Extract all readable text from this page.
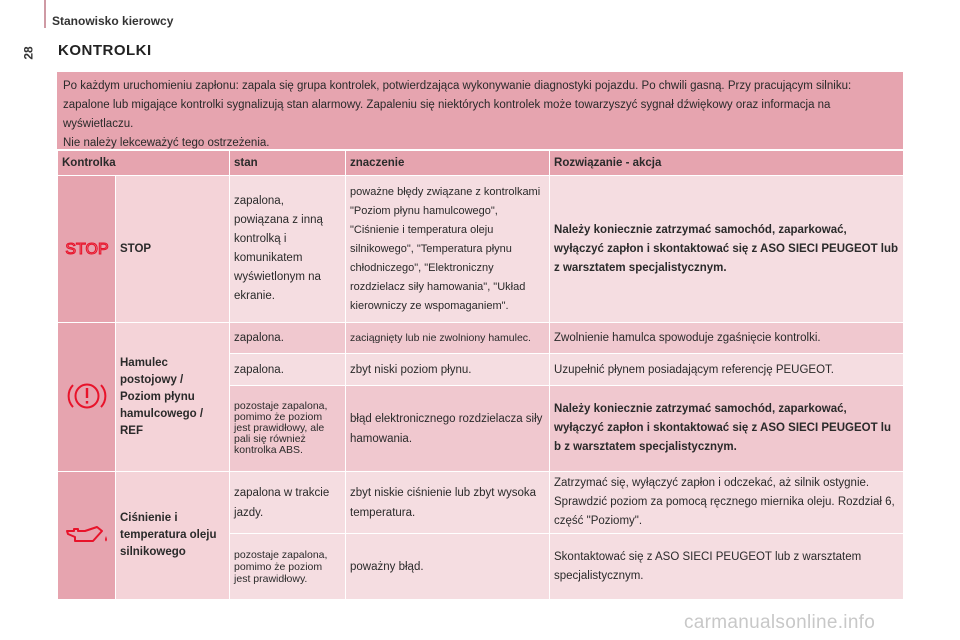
Stanowisko kierowcy
28 KONTROLKI

Po każdym uruchomieniu zapłonu: zapala się grupa kontrolek, potwierdzająca wykonywanie diagnostyki pojazdu. Po chwili gasną. Przy pracującym silniku: zapalone lub migające kontrolki sygnalizują stan alarmowy. Zapaleniu się niektórych kontrolek może towarzyszyć sygnał dźwiękowy oraz informacja na wyświetlaczu.

Nie należy lekceważyć tego ostrzeżenia.

Kontrolka		stan	znaczenie	Rozwiązanie - akcja

STOP	STOP	zapalona, powiązana z inną kontrolką i komunikatem wyświetlonym na ekranie.	poważne błędy związane z kontrolkami "Poziom płynu hamulcowego", "Ciśnienie i temperatura oleju silnikowego", "Temperatura płynu chłodniczego", "Elektroniczny rozdzielacz siły hamowania", "Układ kierowniczy ze wspomaganiem".	Należy koniecznie zatrzymać samochód, zaparkować, wyłączyć zapłon i skontaktować się z ASO SIECI PEUGEOT lub z warsztatem specjalistycznym.
	Hamulec postojowy / Poziom płynu hamulcowego / REF	zapalona.	zaciągnięty lub nie zwolniony hamulec.	Zwolnienie hamulca spowoduje zgaśnięcie kontrolki.
		zapalona.	zbyt niski poziom płynu.	Uzupełnić płynem posiadającym referencję PEUGEOT.
		pozostaje zapalona, pomimo że poziom jest prawidłowy, ale pali się również kontrolka ABS.	błąd elektronicznego rozdzielacza siły hamowania.	Należy koniecznie zatrzymać samochód, zaparkować, wyłączyć zapłon i skontaktować się z ASO SIECI PEUGEOT lu b z warsztatem specjalistycznym.
	Ciśnienie i temperatura oleju silnikowego	zapalona w trakcie jazdy.	zbyt niskie ciśnienie lub zbyt wysoka temperatura.	Zatrzymać się, wyłączyć zapłon i odczekać, aż silnik ostygnie. Sprawdzić poziom za pomocą ręcznego miernika oleju. Rozdział 6, część "Poziomy".
		pozostaje zapalona, pomimo że poziom jest prawidłowy.	poważny błąd.	Skontaktować się z ASO SIECI PEUGEOT lub z warsztatem specjalistycznym.
carmanualsonline.info
